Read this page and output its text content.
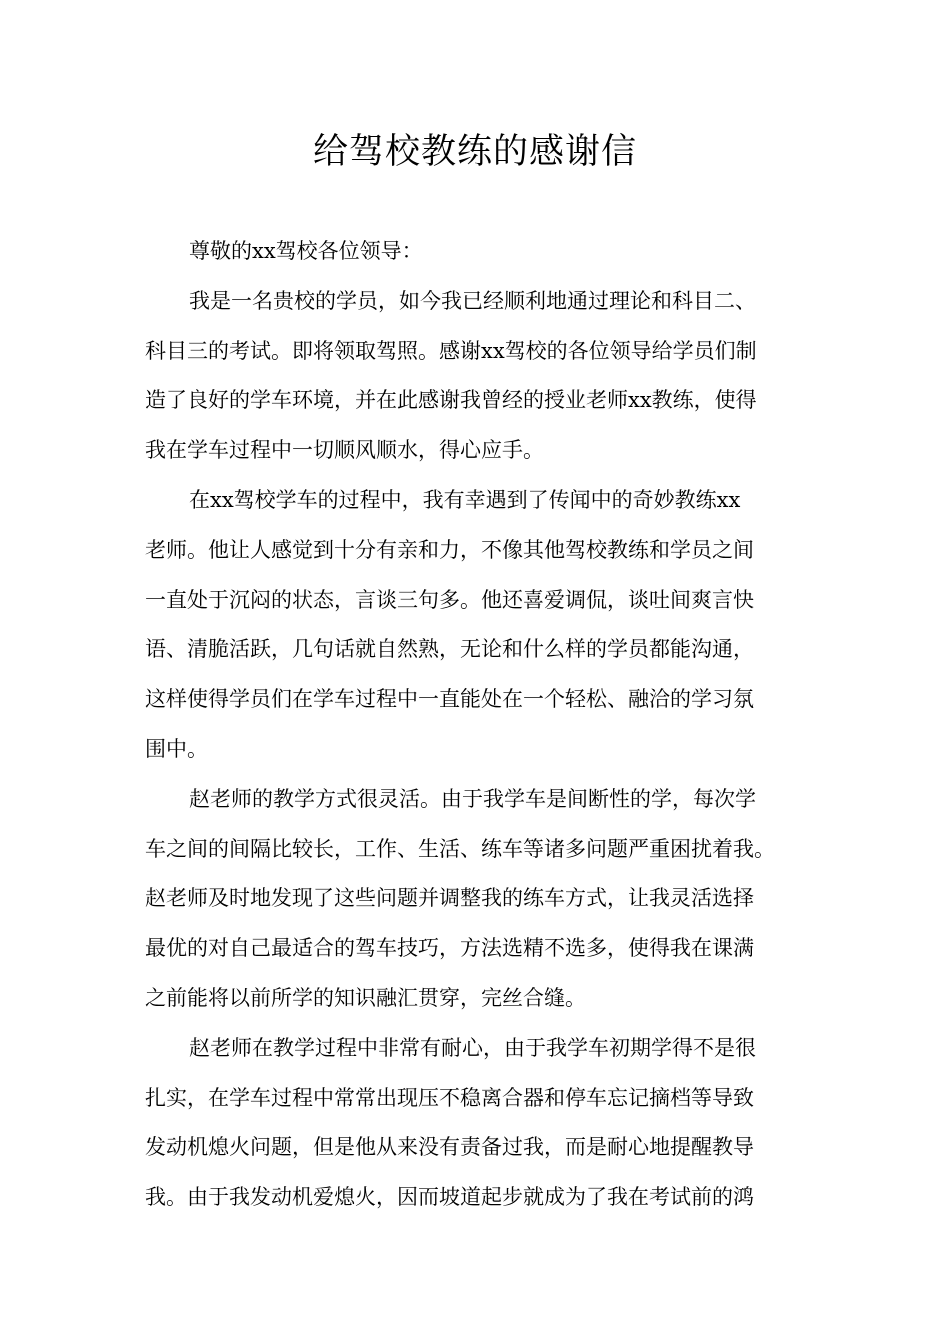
给驾校教练的感谢信

尊敬的xx驾校各位领导：

我是一名贵校的学员，如今我已经顺利地通过理论和科目二、

科目三的考试。即将领取驾照。感谢xx驾校的各位领导给学员们制

造了良好的学车环境，并在此感谢我曾经的授业老师xx教练，使得

我在学车过程中一切顺风顺水，得心应手。

在xx驾校学车的过程中，我有幸遇到了传闻中的奇妙教练xx

老师。他让人感觉到十分有亲和力，不像其他驾校教练和学员之间

一直处于沉闷的状态，言谈三句多。他还喜爱调侃，谈吐间爽言快

语、清脆活跃，几句话就自然熟，无论和什么样的学员都能沟通，

这样使得学员们在学车过程中一直能处在一个轻松、融洽的学习氛

围中。

赵老师的教学方式很灵活。由于我学车是间断性的学，每次学

车之间的间隔比较长，工作、生活、练车等诸多问题严重困扰着我。

赵老师及时地发现了这些问题并调整我的练车方式，让我灵活选择

最优的对自己最适合的驾车技巧，方法选精不选多，使得我在课满

之前能将以前所学的知识融汇贯穿，完丝合缝。

赵老师在教学过程中非常有耐心，由于我学车初期学得不是很

扎实，在学车过程中常常出现压不稳离合器和停车忘记摘档等导致

发动机熄火问题，但是他从来没有责备过我，而是耐心地提醒教导

我。由于我发动机爱熄火，因而坡道起步就成为了我在考试前的鸿
